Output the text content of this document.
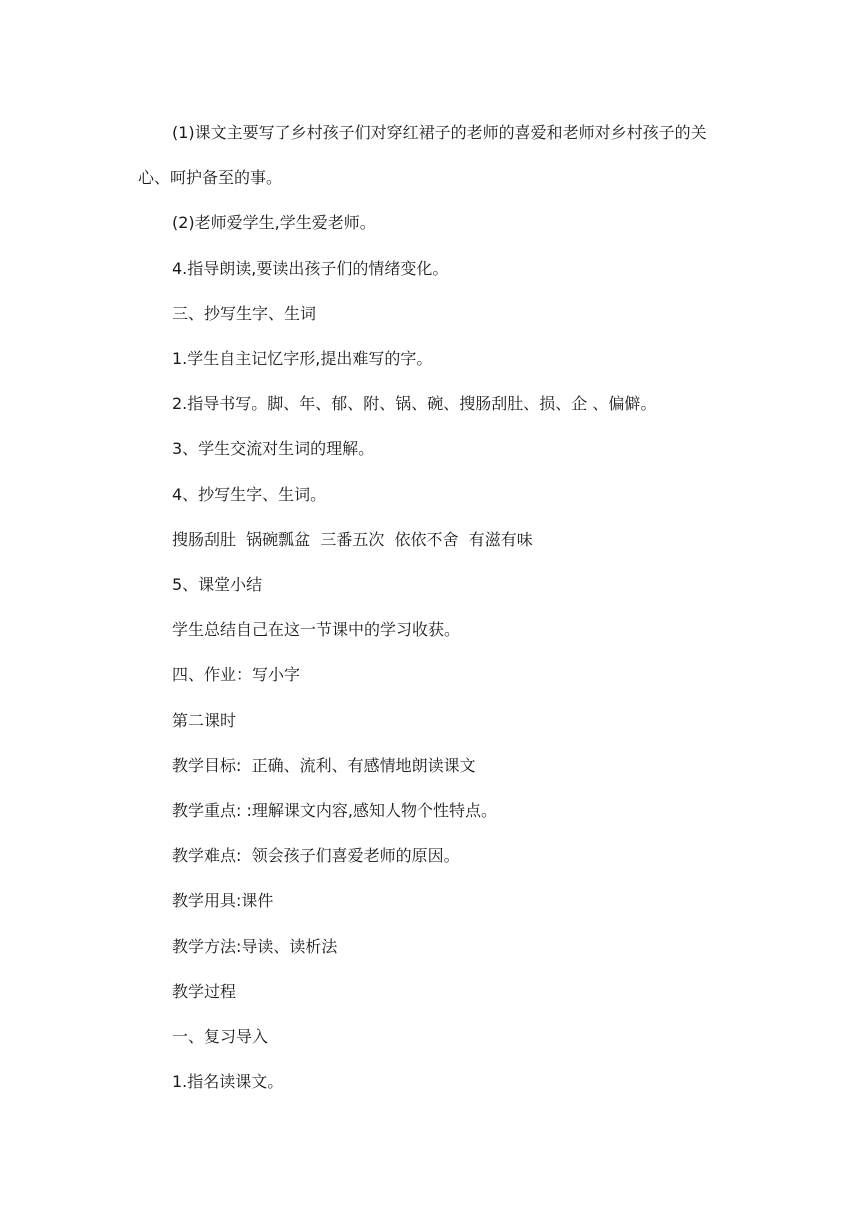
(1)课文主要写了乡村孩子们对穿红裙子的老师的喜爱和老师对乡村孩子的关心、呵护备至的事。

(2)老师爱学生,学生爱老师。

4.指导朗读,要读出孩子们的情绪变化。

三、抄写生字、生词

1.学生自主记忆字形,提出难写的字。

2.指导书写。脚、年、郁、附、锅、碗、搜肠刮肚、损、企 、偏僻。

3、学生交流对生词的理解。

4、抄写生字、生词。

搜肠刮肚  锅碗瓢盆  三番五次  依依不舍  有滋有味

5、课堂小结

学生总结自己在这一节课中的学习收获。

四、作业：写小字

第二课时

教学目标:  正确、流利、有感情地朗读课文

教学重点: :理解课文内容,感知人物个性特点。

教学难点:  领会孩子们喜爱老师的原因。

教学用具:课件

教学方法:导读、读析法

教学过程

一、复习导入

1.指名读课文。
